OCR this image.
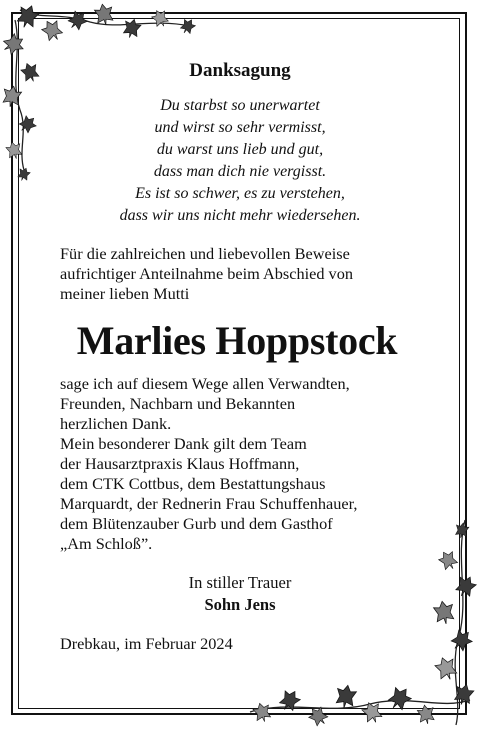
Danksagung
Du starbst so unerwartet
und wirst so sehr vermisst,
du warst uns lieb und gut,
dass man dich nie vergisst.
Es ist so schwer, es zu verstehen,
dass wir uns nicht mehr wiedersehen.
Für die zahlreichen und liebevollen Beweise
aufrichtiger Anteilnahme beim Abschied von
meiner lieben Mutti
Marlies Hoppstock
sage ich auf diesem Wege allen Verwandten,
Freunden, Nachbarn und Bekannten
herzlichen Dank.
Mein besonderer Dank gilt dem Team
der Hausarztpraxis Klaus Hoffmann,
dem CTK Cottbus, dem Bestattungshaus
Marquardt, der Rednerin Frau Schuffenhauer,
dem Blütenzauber Gurb und dem Gasthof
„Am Schloß”.
In stiller Trauer
Sohn Jens
Drebkau, im Februar 2024
